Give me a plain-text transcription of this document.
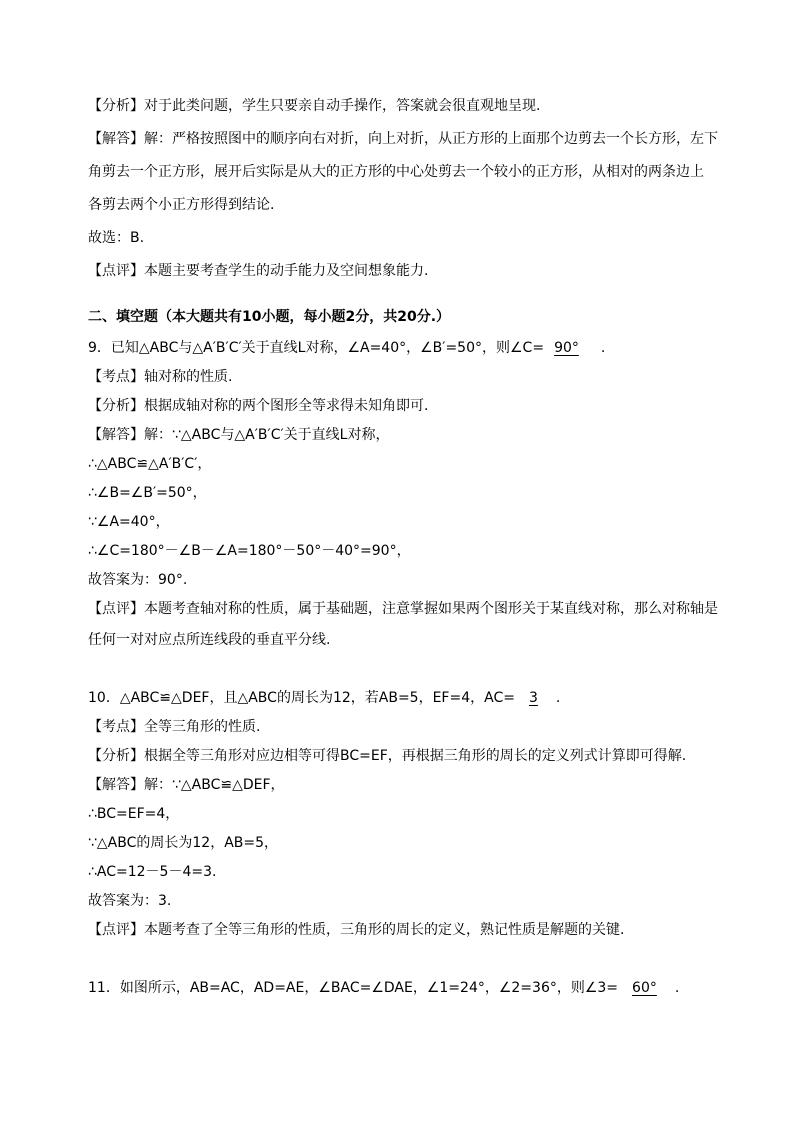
【分析】对于此类问题，学生只要亲自动手操作，答案就会很直观地呈现.
【解答】解：严格按照图中的顺序向右对折，向上对折，从正方形的上面那个边剪去一个长方形，左下
角剪去一个正方形，展开后实际是从大的正方形的中心处剪去一个较小的正方形，从相对的两条边上
各剪去两个小正方形得到结论.
故选：B.
【点评】本题主要考查学生的动手能力及空间想象能力.
二、填空题（本大题共有10小题，每小题2分，共20分.）
9．已知△ABC与△A′B′C′关于直线L对称，∠A=40°，∠B′=50°，则∠C= 90° .
【考点】轴对称的性质.
【分析】根据成轴对称的两个图形全等求得未知角即可.
【解答】解：∵△ABC与△A′B′C′关于直线L对称，
∴△ABC≌△A′B′C′，
∴∠B=∠B′=50°，
∵∠A=40°，
∴∠C=180°－∠B－∠A=180°－50°－40°=90°，
故答案为：90°.
【点评】本题考查轴对称的性质，属于基础题，注意掌握如果两个图形关于某直线对称，那么对称轴是
任何一对对应点所连线段的垂直平分线.
10．△ABC≌△DEF，且△ABC的周长为12，若AB=5，EF=4，AC= 3 .
【考点】全等三角形的性质.
【分析】根据全等三角形对应边相等可得BC=EF，再根据三角形的周长的定义列式计算即可得解.
【解答】解：∵△ABC≌△DEF，
∴BC=EF=4，
∵△ABC的周长为12，AB=5，
∴AC=12－5－4=3.
故答案为：3.
【点评】本题考查了全等三角形的性质，三角形的周长的定义，熟记性质是解题的关键.
11．如图所示，AB=AC，AD=AE，∠BAC=∠DAE，∠1=24°，∠2=36°，则∠3= 60° .
